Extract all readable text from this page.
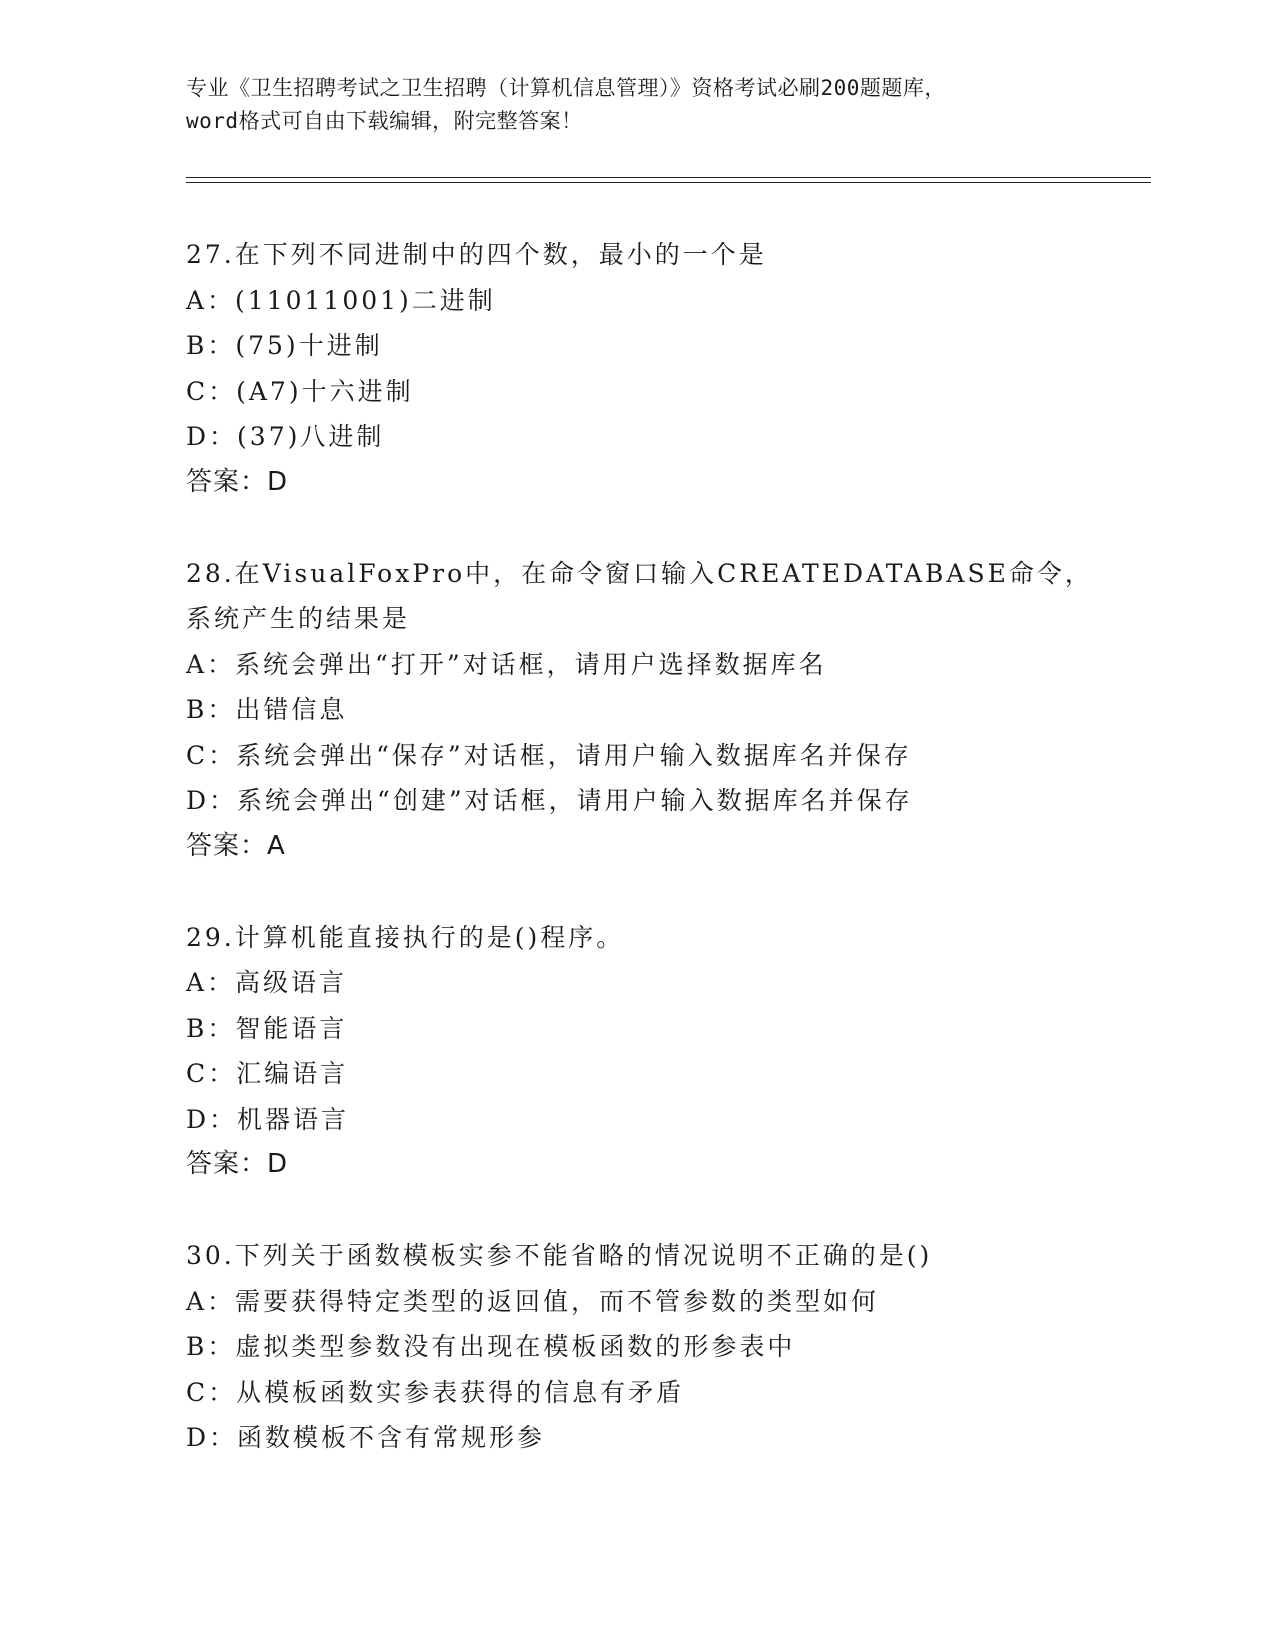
专业《卫生招聘考试之卫生招聘（计算机信息管理）》资格考试必刷200题题库，
word格式可自由下载编辑，附完整答案！
27.在下列不同进制中的四个数，最小的一个是
A：(11011001)二进制
B：(75)十进制
C：(A7)十六进制
D：(37)八进制
答案：D
28.在VisualFoxPro中，在命令窗口输入CREATEDATABASE命令，系统产生的结果是
A：系统会弹出“打开”对话框，请用户选择数据库名
B：出错信息
C：系统会弹出“保存”对话框，请用户输入数据库名并保存
D：系统会弹出“创建”对话框，请用户输入数据库名并保存
答案：A
29.计算机能直接执行的是()程序。
A：高级语言
B：智能语言
C：汇编语言
D：机器语言
答案：D
30.下列关于函数模板实参不能省略的情况说明不正确的是()
A：需要获得特定类型的返回值，而不管参数的类型如何
B：虚拟类型参数没有出现在模板函数的形参表中
C：从模板函数实参表获得的信息有矛盾
D：函数模板不含有常规形参
